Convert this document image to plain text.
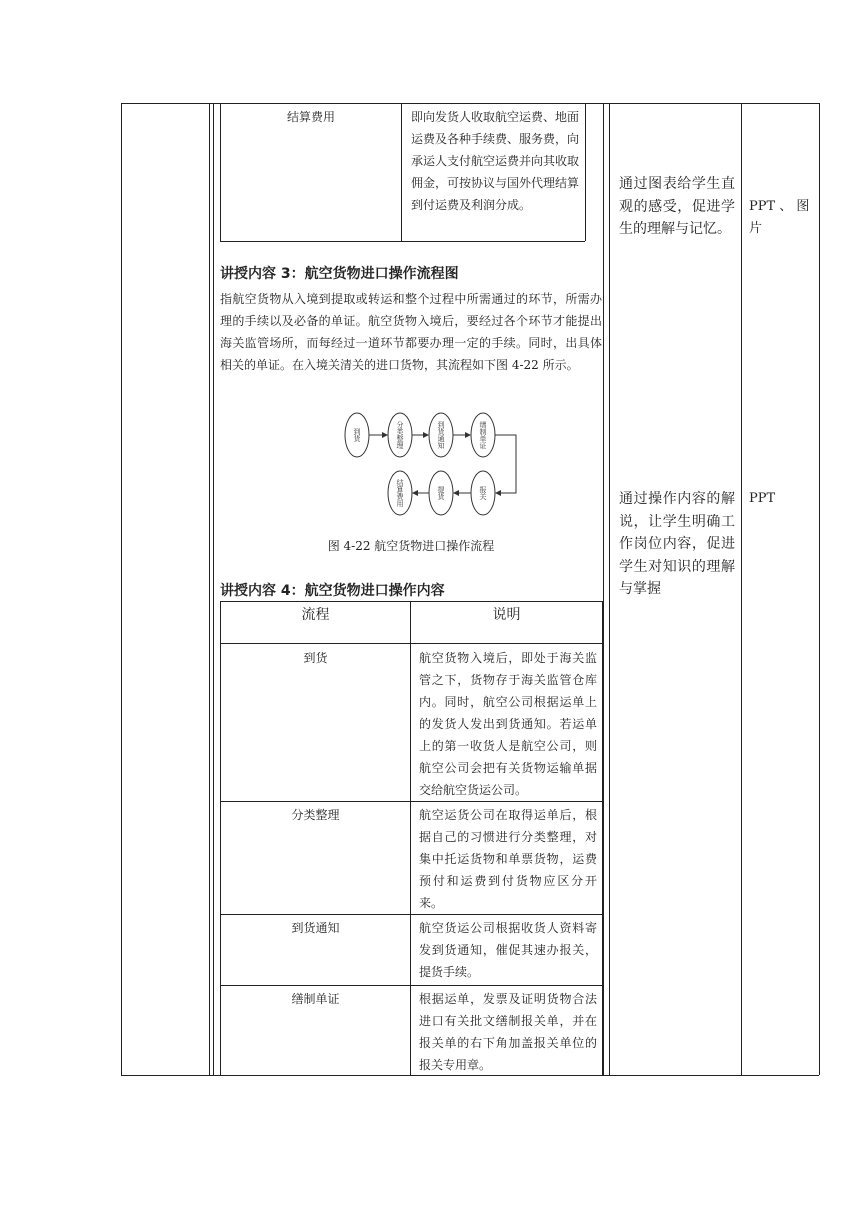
结算费用	即向发货人收取航空运费、地面运费及各种手续费、服务费，向承运人支付航空运费并向其收取佣金，可按协议与国外代理结算到付运费及利润分成。
讲授内容 3：航空货物进口操作流程图
指航空货物从入境到提取或转运和整个过程中所需通过的环节，所需办理的手续以及必备的单证。航空货物入境后，要经过各个环节才能提出海关监管场所，而每经过一道环节都要办理一定的手续。同时，出具体相关的单证。在入境关清关的进口货物，其流程如下图 4-22 所示。
到货	分类整理	到货通知	缮制单证
结算费用	提货	报关
图 4-22 航空货物进口操作流程
讲授内容 4：航空货物进口操作内容
流程	说明
到货	航空货物入境后，即处于海关监管之下，货物存于海关监管仓库内。同时，航空公司根据运单上的发货人发出到货通知。若运单上的第一收货人是航空公司，则航空公司会把有关货物运输单据交给航空货运公司。
分类整理	航空运货公司在取得运单后，根据自己的习惯进行分类整理，对集中托运货物和单票货物，运费预付和运费到付货物应区分开来。
到货通知	航空货运公司根据收货人资料寄发到货通知，催促其速办报关，提货手续。
缮制单证	根据运单，发票及证明货物合法进口有关批文缮制报关单，并在报关单的右下角加盖报关单位的报关专用章。
通过图表给学生直观的感受，促进学生的理解与记忆。
PPT 、 图片
通过操作内容的解说，让学生明确工作岗位内容，促进学生对知识的理解与掌握
PPT
